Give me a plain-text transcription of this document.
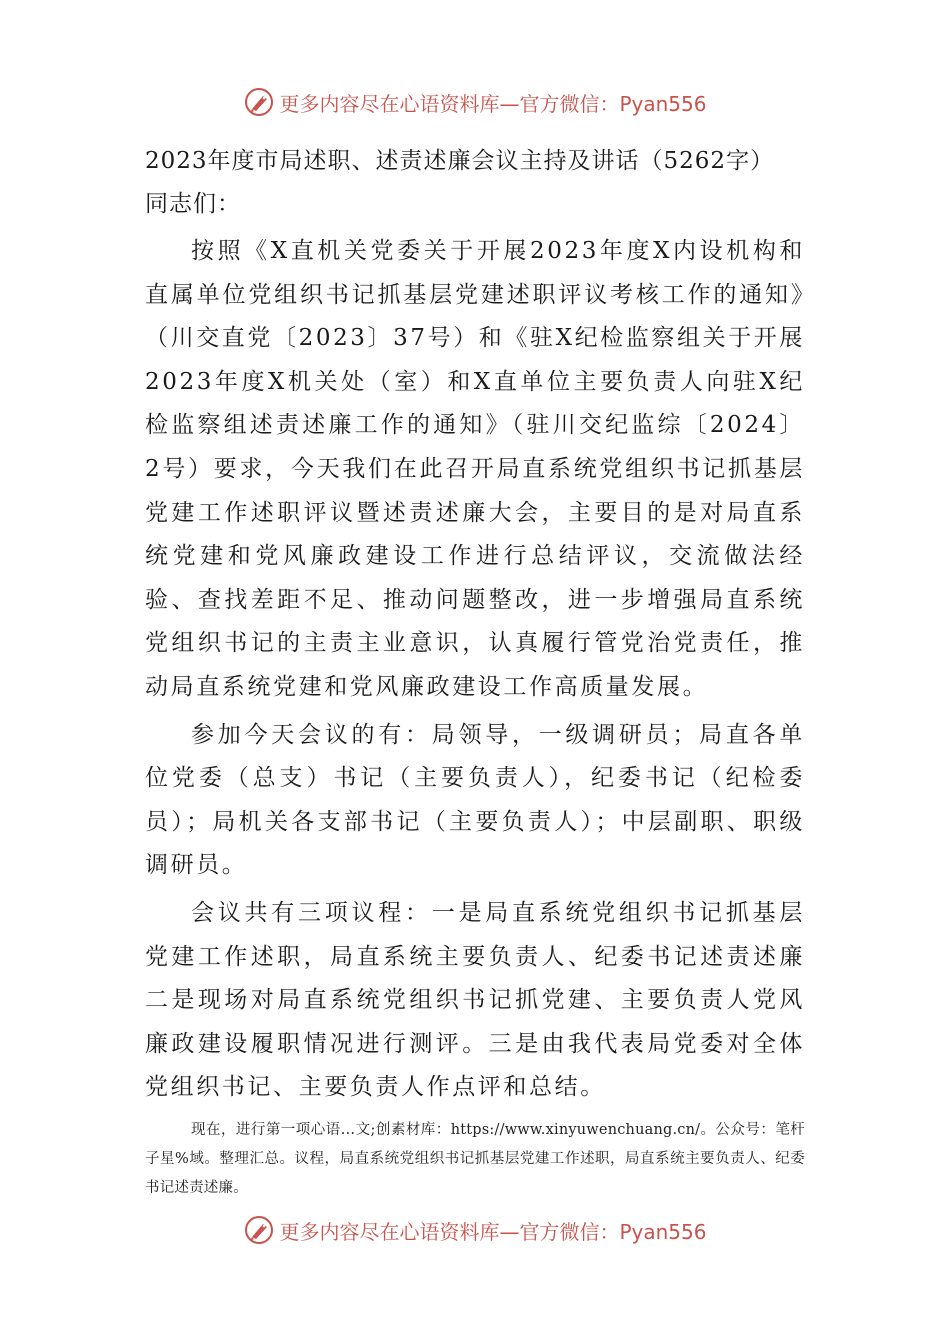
更多内容尽在心语资料库—官方微信：Pyan556

2023年度市局述职、述责述廉会议主持及讲话（5262字）

同志们：

按照《X直机关党委关于开展2023年度X内设机构和直属单位党组织书记抓基层党建述职评议考核工作的通知》（川交直党〔2023〕37号）和《驻X纪检监察组关于开展2023年度X机关处（室）和X直单位主要负责人向驻X纪检监察组述责述廉工作的通知》（驻川交纪监综〔2024〕2号）要求，今天我们在此召开局直系统党组织书记抓基层党建工作述职评议暨述责述廉大会，主要目的是对局直系统党建和党风廉政建设工作进行总结评议，交流做法经验、查找差距不足、推动问题整改，进一步增强局直系统党组织书记的主责主业意识，认真履行管党治党责任，推动局直系统党建和党风廉政建设工作高质量发展。

参加今天会议的有：局领导，一级调研员；局直各单位党委（总支）书记（主要负责人），纪委书记（纪检委员）；局机关各支部书记（主要负责人）；中层副职、职级调研员。

会议共有三项议程：一是局直系统党组织书记抓基层党建工作述职，局直系统主要负责人、纪委书记述责述廉二是现场对局直系统党组织书记抓党建、主要负责人党风廉政建设履职情况进行测评。三是由我代表局党委对全体党组织书记、主要负责人作点评和总结。

现在，进行第一项心语…文;创素材库：https://www.xinyuwenchuang.cn/。公众号：笔杆子星%域。整理汇总。议程，局直系统党组织书记抓基层党建工作述职，局直系统主要负责人、纪委书记述责述廉。

更多内容尽在心语资料库—官方微信：Pyan556
